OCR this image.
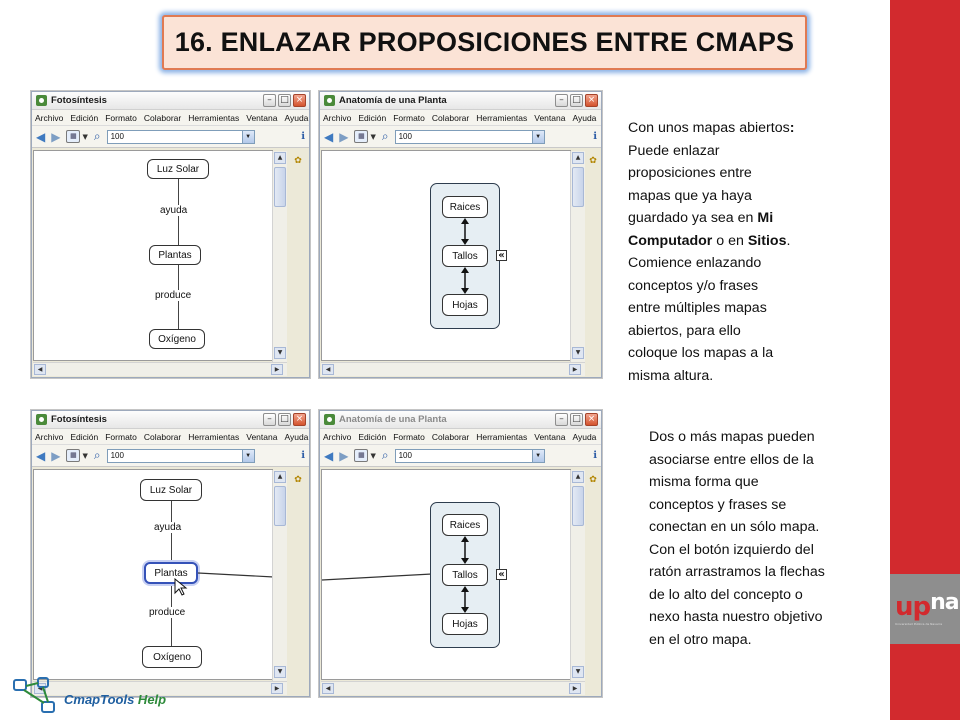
$up^{na}$
Universidad Pública de Navarra
16. ENLAZAR PROPOSICIONES ENTRE CMAPS
Fotosíntesis	– □ ×
Archivo Edición Formato Colaborar Herramientas Ventana Ayuda
◀ ▶	▦ ▼ ⌕ 100	▼	ℹ
Luz Solar
ayuda
Plantas
produce
Oxígeno
▲
▼
◀	▶
✿
Anatomía de una Planta	– □ ×
Archivo Edición Formato Colaborar Herramientas Ventana Ayuda
◀ ▶	▦ ▼ ⌕ 100	▼	ℹ
Raices
Tallos
Hojas
«
▲
▼
◀	▶
✿
Fotosíntesis	– □ ×
Archivo Edición Formato Colaborar Herramientas Ventana Ayuda
◀ ▶	▦ ▼ ⌕ 100	▼	ℹ
Luz Solar
ayuda
Plantas
produce
Oxígeno
▲
▼
◀	▶
✿
Anatomía de una Planta	– □ ×
Archivo Edición Formato Colaborar Herramientas Ventana Ayuda
◀ ▶	▦ ▼ ⌕ 100	▼	ℹ
Raices
Tallos
Hojas
«
▲
▼
◀	▶
✿
Con unos mapas abiertos:
Puede enlazar
proposiciones entre
mapas que ya haya
guardado ya sea en Mi
Computador o en Sitios.
Comience enlazando
conceptos y/o frases
entre múltiples mapas
abiertos, para ello
coloque los mapas a la
misma altura.
Dos o más mapas pueden
asociarse entre ellos de la
misma forma que
conceptos y frases se
conectan en un sólo mapa.
Con el botón izquierdo del
ratón arrastramos la flechas
de lo alto del concepto o
nexo hasta nuestro objetivo
en el otro mapa.
CmapTools Help
